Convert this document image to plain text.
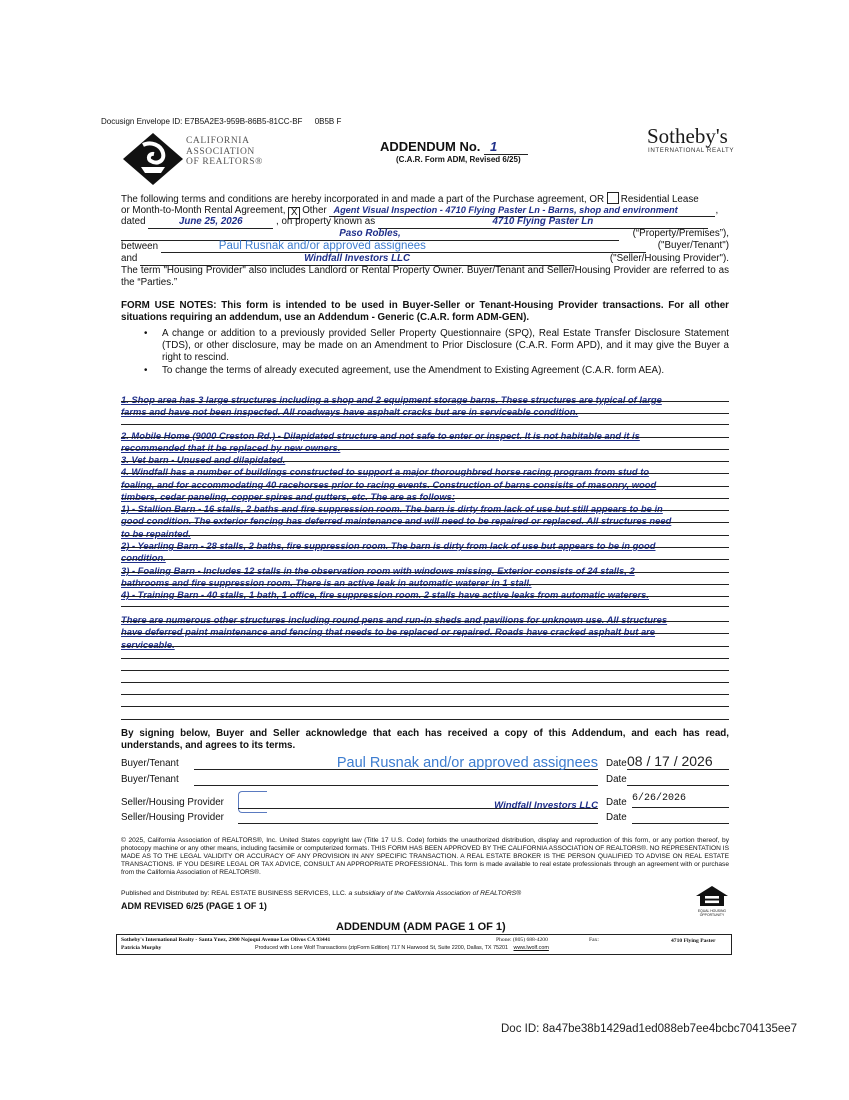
Docusign Envelope ID: E7B5A2E3-959B-86B5-81CC-BF 0B5B F
CALIFORNIA
ASSOCIATION
OF REALTORS®
ADDENDUM No. 1
(C.A.R. Form ADM, Revised 6/25)
Sotheby's
INTERNATIONAL REALTY
The following terms and conditions are hereby incorporated in and made a part of the Purchase agreement, OR Residential Lease
or Month-to-Month Rental Agreement, X Other Agent Visual Inspection - 4710 Flying Paster Ln - Barns, shop and environment	,
dated	June 25, 2026	, on property known as	4710 Flying Paster Ln
Paso Robles,	(“Property/Premises”),
between	Paul Rusnak and/or approved assignees	("Buyer/Tenant")
and	Windfall Investors LLC	("Seller/Housing Provider").
The term "Housing Provider" also includes Landlord or Rental Property Owner. Buyer/Tenant and Seller/Housing Provider are referred to as the “Parties.”
FORM USE NOTES: This form is intended to be used in Buyer-Seller or Tenant-Housing Provider transactions. For all other situations requiring an addendum, use an Addendum - Generic (C.A.R. form ADM-GEN).
• A change or addition to a previously provided Seller Property Questionnaire (SPQ), Real Estate Transfer Disclosure Statement (TDS), or other disclosure, may be made on an Amendment to Prior Disclosure (C.A.R. Form APD), and it may give the Buyer a right to rescind.
• To change the terms of already executed agreement, use the Amendment to Existing Agreement (C.A.R. form AEA).
1. Shop area has 3 large structures including a shop and 2 equipment storage barns. These structures are typical of large
farms and have not been inspected. All roadways have asphalt cracks but are in serviceable condition.
2. Mobile Home (9000 Creston Rd.) - Dilapidated structure and not safe to enter or inspect. It is not habitable and it is
recommended that it be replaced by new owners.
3. Vet barn - Unused and dilapidated.
4. Windfall has a number of buildings constructed to support a major thoroughbred horse racing program from stud to
foaling, and for accommodating 40 racehorses prior to racing events. Construction of barns consisits of masonry, wood
timbers, cedar paneling, copper spires and gutters, etc. The are as follows:
1) - Stallion Barn - 16 stalls, 2 baths and fire suppression room. The barn is dirty from lack of use but still appears to be in
good condition. The exterior fencing has deferred maintenance and will need to be repaired or replaced. All structures need
to be repainted.
2) - Yearling Barn - 28 stalls, 2 baths, fire suppression room. The barn is dirty from lack of use but appears to be in good
condition.
3) - Foaling Barn - Includes 12 stalls in the observation room with windows missing. Exterior consists of 24 stalls, 2
bathrooms and fire suppression room. There is an active leak in automatic waterer in 1 stall.
4) - Training Barn - 40 stalls, 1 bath, 1 office, fire suppression room. 2 stalls have active leaks from automatic waterers.
There are numerous other structures including round pens and run-in sheds and pavilions for unknown use. All structures
have deferred paint maintenance and fencing that needs to be replaced or repaired. Roads have cracked asphalt but are
serviceable.
By signing below, Buyer and Seller acknowledge that each has received a copy of this Addendum, and each has read, understands, and agrees to its terms.
Buyer/Tenant	Paul Rusnak and/or approved assignees Date 08 / 17 / 2026
Buyer/Tenant	Date
Seller/Housing Provider	Windfall Investors LLC Date 6/26/2026
Seller/Housing Provider	Date
© 2025, California Association of REALTORS®, Inc. United States copyright law (Title 17 U.S. Code) forbids the unauthorized distribution, display and reproduction of this form, or any portion thereof, by photocopy machine or any other means, including facsimile or computerized formats. THIS FORM HAS BEEN APPROVED BY THE CALIFORNIA ASSOCIATION OF REALTORS®. NO REPRESENTATION IS MADE AS TO THE LEGAL VALIDITY OR ACCURACY OF ANY PROVISION IN ANY SPECIFIC TRANSACTION. A REAL ESTATE BROKER IS THE PERSON QUALIFIED TO ADVISE ON REAL ESTATE TRANSACTIONS. IF YOU DESIRE LEGAL OR TAX ADVICE, CONSULT AN APPROPRIATE PROFESSIONAL. This form is made available to real estate professionals through an agreement with or purchase from the California Association of REALTORS®.
Published and Distributed by: REAL ESTATE BUSINESS SERVICES, LLC. a subsidiary of the California Association of REALTORS®
ADM REVISED 6/25 (PAGE 1 OF 1)	EQUAL HOUSING OPPORTUNITY
ADDENDUM (ADM PAGE 1 OF 1)
Sotheby's International Realty - Santa Ynez, 2900 Nojoqui Avenue Los Olivos CA 93441	Phone: (805) 688-4200	Fax:	4710 Flying Paster
Patricia Murphy	Produced with Lone Wolf Transactions (zipForm Edition) 717 N Harwood St, Suite 2200, Dallas, TX 75201 www.lwolf.com
Doc ID: 8a47be38b1429ad1ed088eb7ee4bcbc704135ee7
